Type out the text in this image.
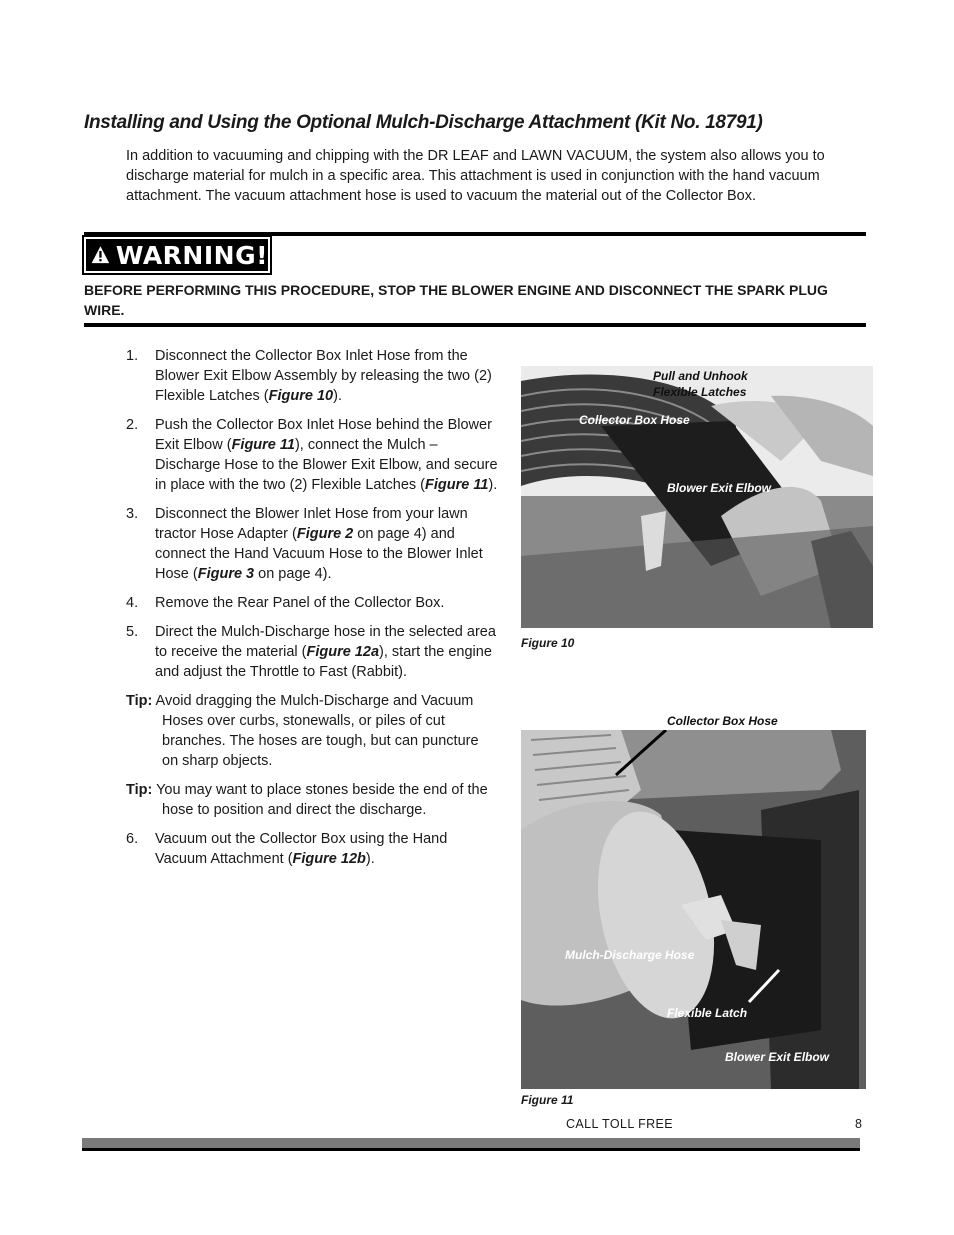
Installing and Using the Optional Mulch-Discharge Attachment (Kit No. 18791)
In addition to vacuuming and chipping with the DR LEAF and LAWN VACUUM, the system also allows you to discharge material for mulch in a specific area. This attachment is used in conjunction with the hand vacuum attachment. The vacuum attachment hose is used to vacuum the material out of the Collector Box.
WARNING!
BEFORE PERFORMING THIS PROCEDURE, STOP THE BLOWER ENGINE AND DISCONNECT THE SPARK PLUG WIRE.
1.	Disconnect the Collector Box Inlet Hose from the Blower Exit Elbow Assembly by releasing the two (2) Flexible Latches (Figure 10).
2.	Push the Collector Box Inlet Hose behind the Blower Exit Elbow (Figure 11), connect the Mulch – Discharge Hose to the Blower Exit Elbow, and secure in place with the two (2) Flexible Latches (Figure 11).
3.	Disconnect the Blower Inlet Hose from your lawn tractor Hose Adapter (Figure 2 on page 4) and connect the Hand Vacuum Hose to the Blower Inlet Hose (Figure 3 on page 4).
4.	Remove the Rear Panel of the Collector Box.
5.	Direct the Mulch-Discharge hose in the selected area to receive the material (Figure 12a), start the engine and adjust the Throttle to Fast (Rabbit).
Tip: Avoid dragging the Mulch-Discharge and Vacuum Hoses over curbs, stonewalls, or piles of cut branches. The hoses are tough, but can puncture on sharp objects.
Tip: You may want to place stones beside the end of the hose to position and direct the discharge.
6.	Vacuum out the Collector Box using the Hand Vacuum Attachment (Figure 12b).
Pull and Unhook
Flexible Latches
Collector Box Hose
Blower Exit Elbow
Figure 10
Collector Box Hose
Mulch-Discharge Hose
Flexible Latch
Blower Exit Elbow
Figure 11
CALL TOLL FREE	8
